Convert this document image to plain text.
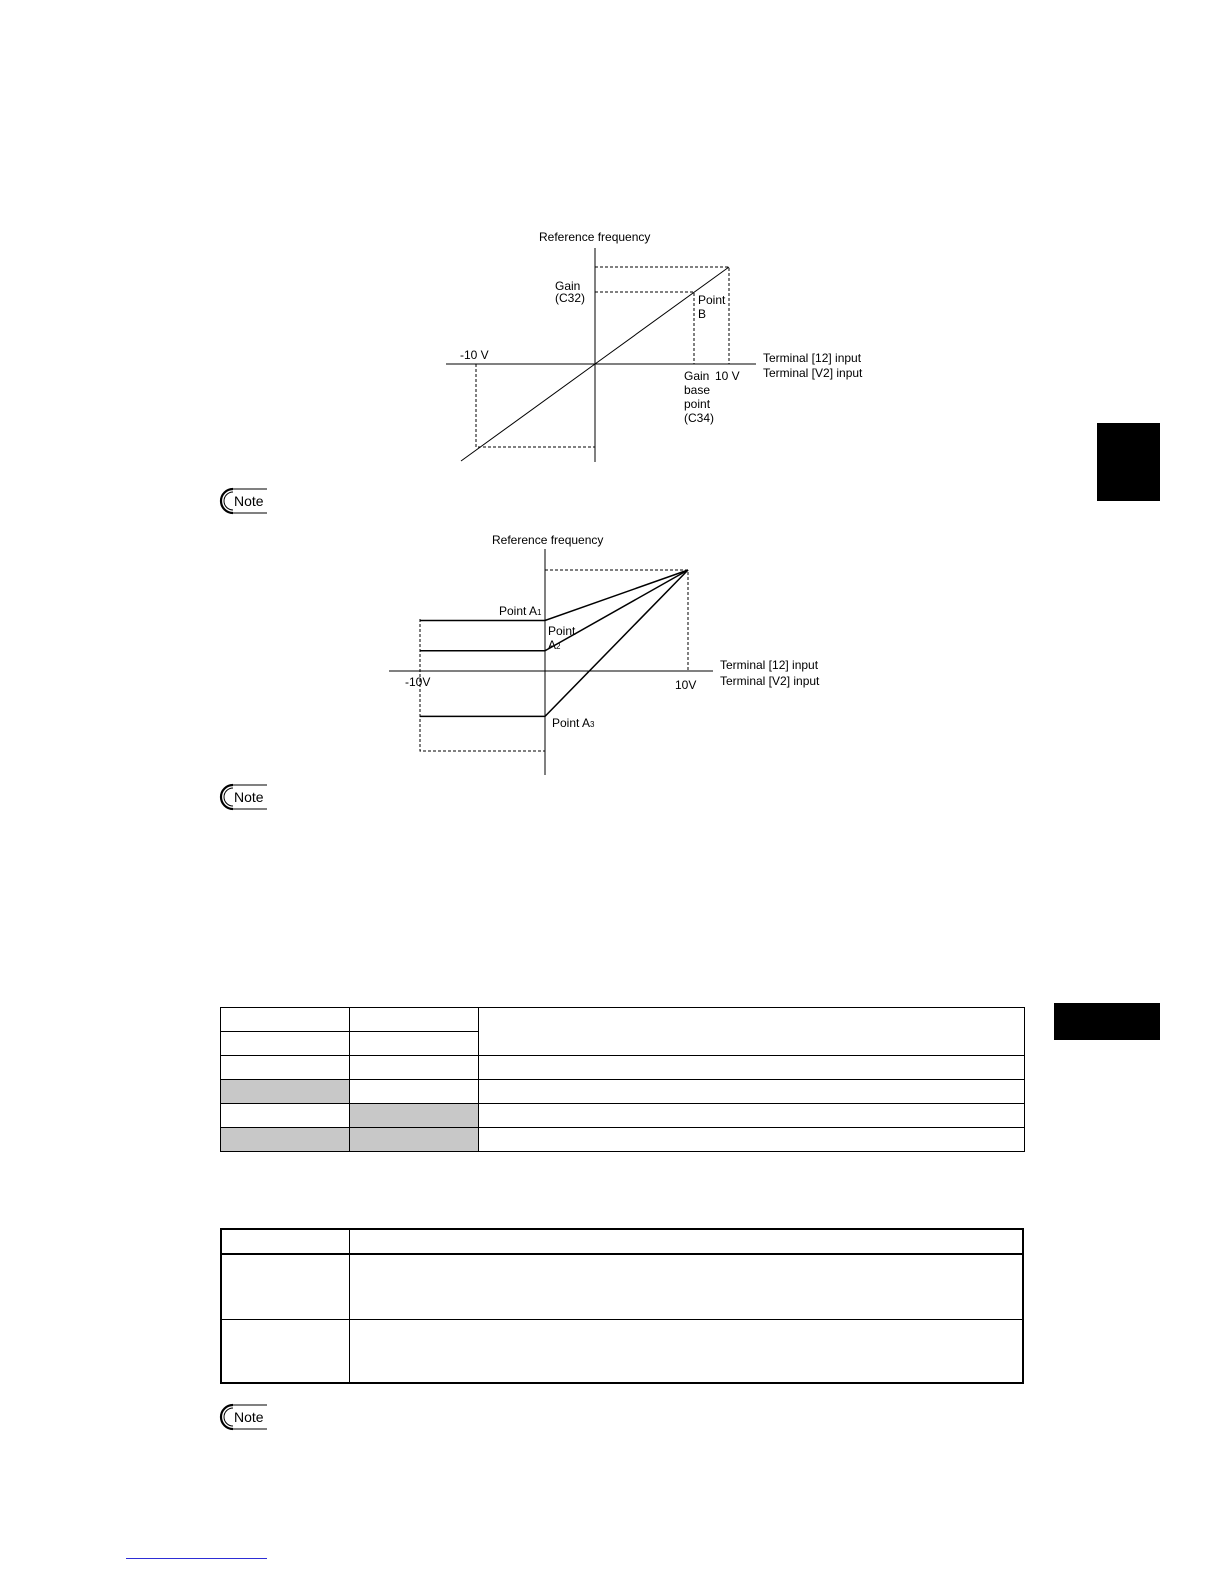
Reference frequency
Gain
(C32)	Point
B
-10 V
10 V
Gain
base
point
(C34)
Terminal [12] input
Terminal [V2] input
Note
Reference frequency
Point A1
Point
A2
Point A3
-10V	10V
Terminal [12] input
Terminal [V2] input
Note

Note
